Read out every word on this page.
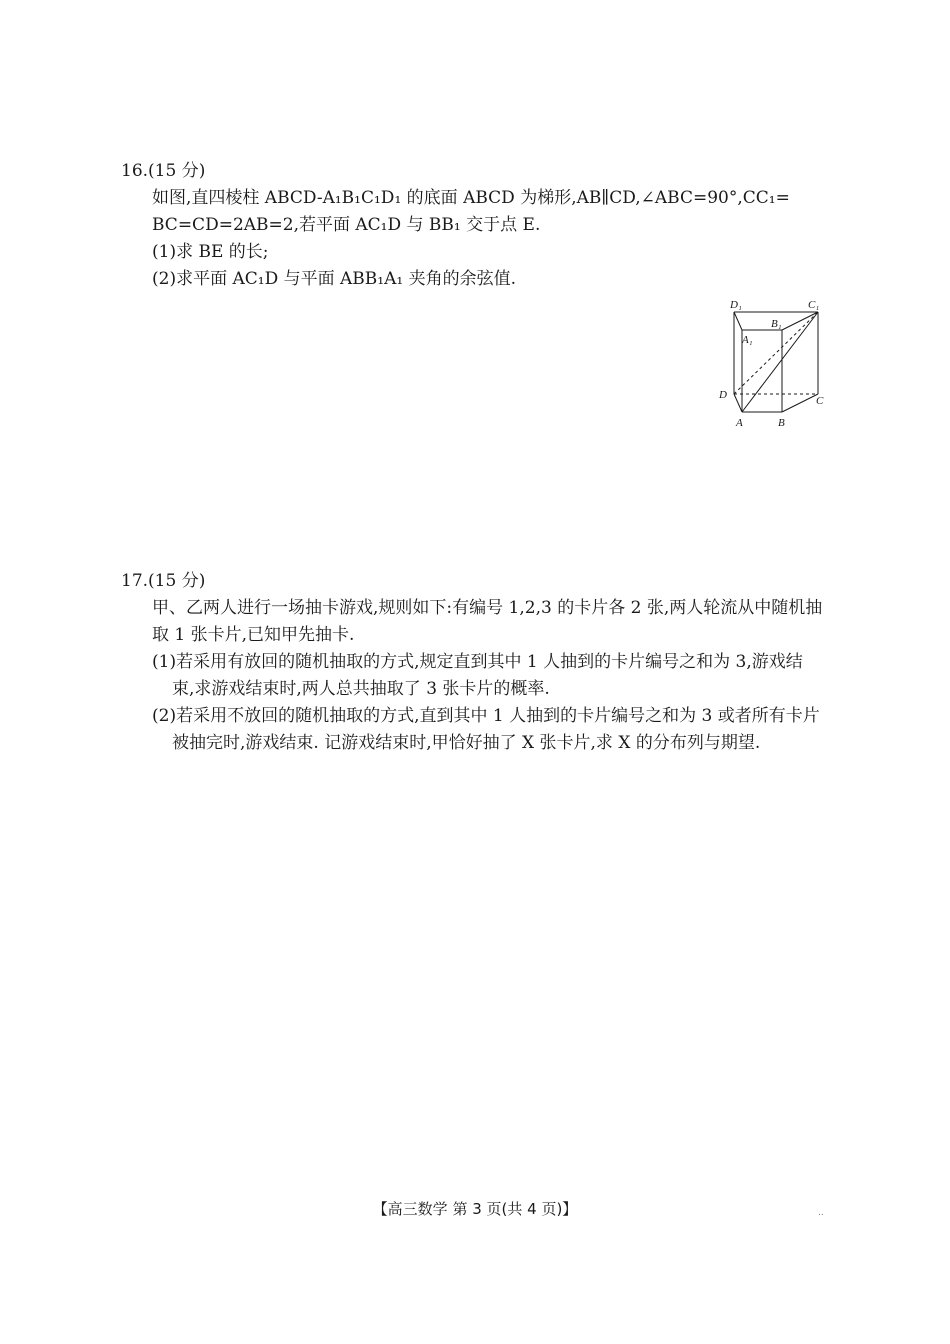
16.(15 分)
如图,直四棱柱 ABCD-A₁B₁C₁D₁ 的底面 ABCD 为梯形,AB∥CD,∠ABC=90°,CC₁=
BC=CD=2AB=2,若平面 AC₁D 与 BB₁ 交于点 E.
(1)求 BE 的长;
(2)求平面 AC₁D 与平面 ABB₁A₁ 夹角的余弦值.
D₁	C₁
B₁
A₁
D	C
A	B
17.(15 分)
甲、乙两人进行一场抽卡游戏,规则如下:有编号 1,2,3 的卡片各 2 张,两人轮流从中随机抽
取 1 张卡片,已知甲先抽卡.
(1)若采用有放回的随机抽取的方式,规定直到其中 1 人抽到的卡片编号之和为 3,游戏结
束,求游戏结束时,两人总共抽取了 3 张卡片的概率.
(2)若采用不放回的随机抽取的方式,直到其中 1 人抽到的卡片编号之和为 3 或者所有卡片
被抽完时,游戏结束. 记游戏结束时,甲恰好抽了 X 张卡片,求 X 的分布列与期望.
【高三数学 第 3 页(共 4 页)】	..
